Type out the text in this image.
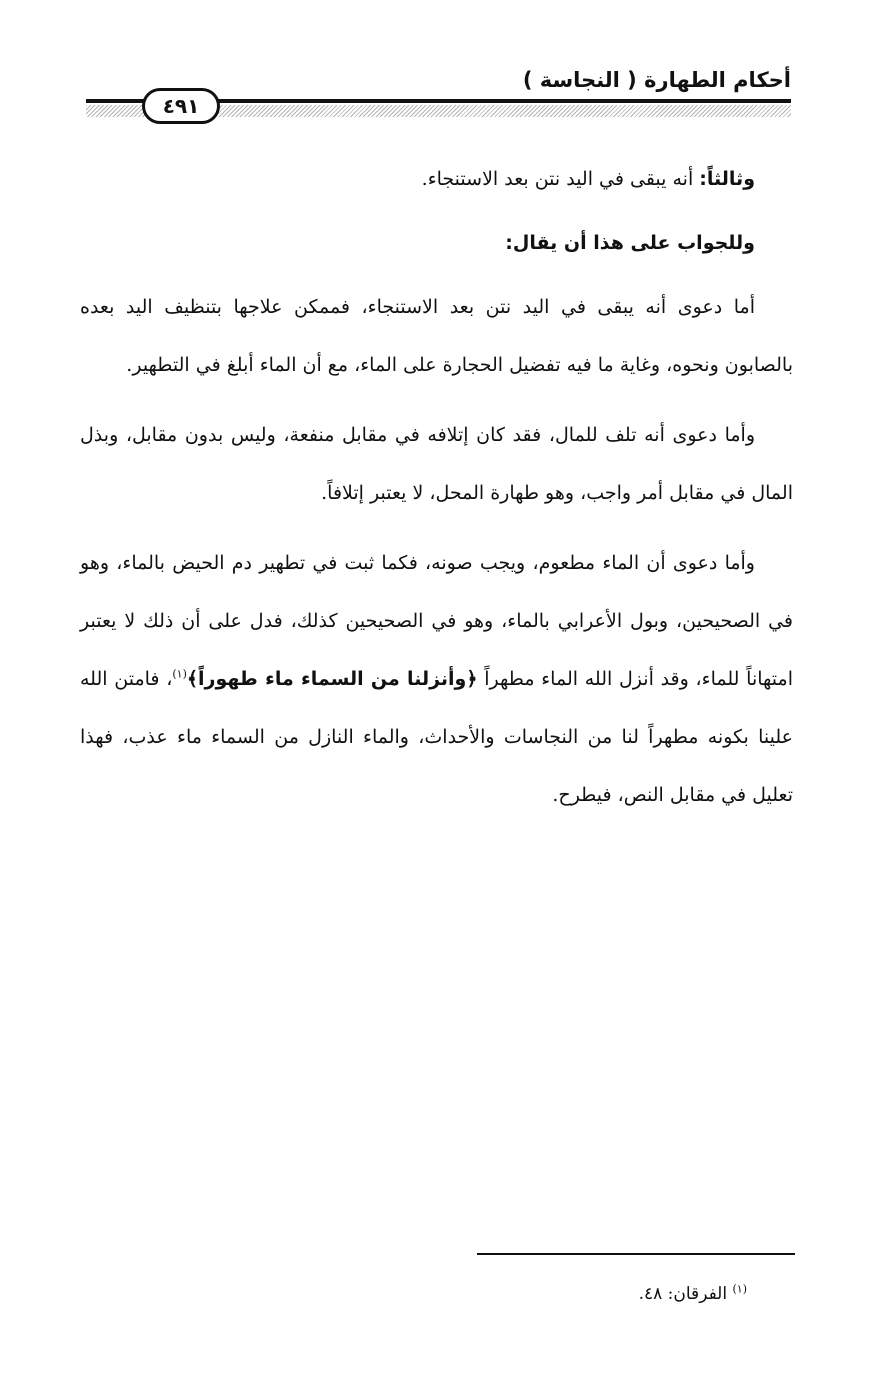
أحكام الطهارة ( النجاسة )
٤٩١

وثالثاً: أنه يبقى في اليد نتن بعد الاستنجاء.

وللجواب على هذا أن يقال:

أما دعوى أنه يبقى في اليد نتن بعد الاستنجاء، فممكن علاجها بتنظيف اليد بعده بالصابون ونحوه، وغاية ما فيه تفضيل الحجارة على الماء، مع أن الماء أبلغ في التطهير.

وأما دعوى أنه تلف للمال، فقد كان إتلافه في مقابل منفعة، وليس بدون مقابل، وبذل المال في مقابل أمر واجب، وهو طهارة المحل، لا يعتبر إتلافاً.

وأما دعوى أن الماء مطعوم، ويجب صونه، فكما ثبت في تطهير دم الحيض بالماء، وهو في الصحيحين، وبول الأعرابي بالماء، وهو في الصحيحين كذلك، فدل على أن ذلك لا يعتبر امتهاناً للماء، وقد أنزل الله الماء مطهراً ﴿وأنزلنا من السماء ماء طهوراً﴾$^{(١)}$، فامتن الله علينا بكونه مطهراً لنا من النجاسات والأحداث، والماء النازل من السماء ماء عذب، فهذا تعليل في مقابل النص، فيطرح.

$^{(١)}$ الفرقان: ٤٨.
